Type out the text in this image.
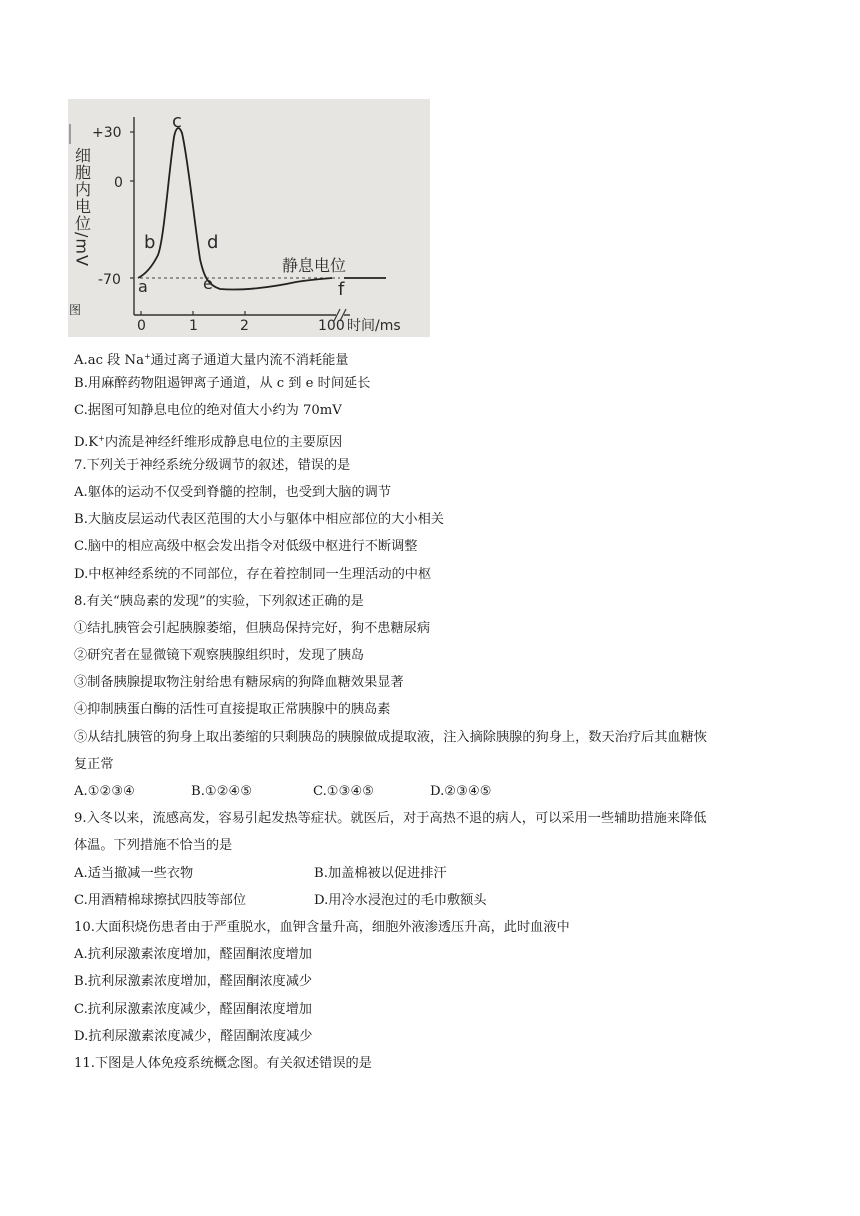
图
细胞内电位/mV
+30
0
-70
0	1	2	100 时间/ms
a
b
c
d
e	f
静息电位

A.ac 段 Na+通过离子通道大量内流不消耗能量

B.用麻醉药物阻遏钾离子通道，从 c 到 e 时间延长

C.据图可知静息电位的绝对值大小约为 70mV

D.K+内流是神经纤维形成静息电位的主要原因

7.下列关于神经系统分级调节的叙述，错误的是

A.躯体的运动不仅受到脊髓的控制，也受到大脑的调节

B.大脑皮层运动代表区范围的大小与躯体中相应部位的大小相关

C.脑中的相应高级中枢会发出指令对低级中枢进行不断调整

D.中枢神经系统的不同部位，存在着控制同一生理活动的中枢

8.有关“胰岛素的发现”的实验，下列叙述正确的是

①结扎胰管会引起胰腺萎缩，但胰岛保持完好，狗不患糖尿病

②研究者在显微镜下观察胰腺组织时，发现了胰岛

③制备胰腺提取物注射给患有糖尿病的狗降血糖效果显著

④抑制胰蛋白酶的活性可直接提取正常胰腺中的胰岛素

⑤从结扎胰管的狗身上取出萎缩的只剩胰岛的胰腺做成提取液，注入摘除胰腺的狗身上，数天治疗后其血糖恢

复正常

A.①②③④	B.①②④⑤	C.①③④⑤	D.②③④⑤

9.入冬以来，流感高发，容易引起发热等症状。就医后，对于高热不退的病人，可以采用一些辅助措施来降低

体温。下列措施不恰当的是

A.适当撤减一些衣物	B.加盖棉被以促进排汗

C.用酒精棉球擦拭四肢等部位	D.用冷水浸泡过的毛巾敷额头

10.大面积烧伤患者由于严重脱水，血钾含量升高，细胞外液渗透压升高，此时血液中

A.抗利尿激素浓度增加，醛固酮浓度增加

B.抗利尿激素浓度增加，醛固酮浓度减少

C.抗利尿激素浓度减少，醛固酮浓度增加

D.抗利尿激素浓度减少，醛固酮浓度减少

11.下图是人体免疫系统概念图。有关叙述错误的是
